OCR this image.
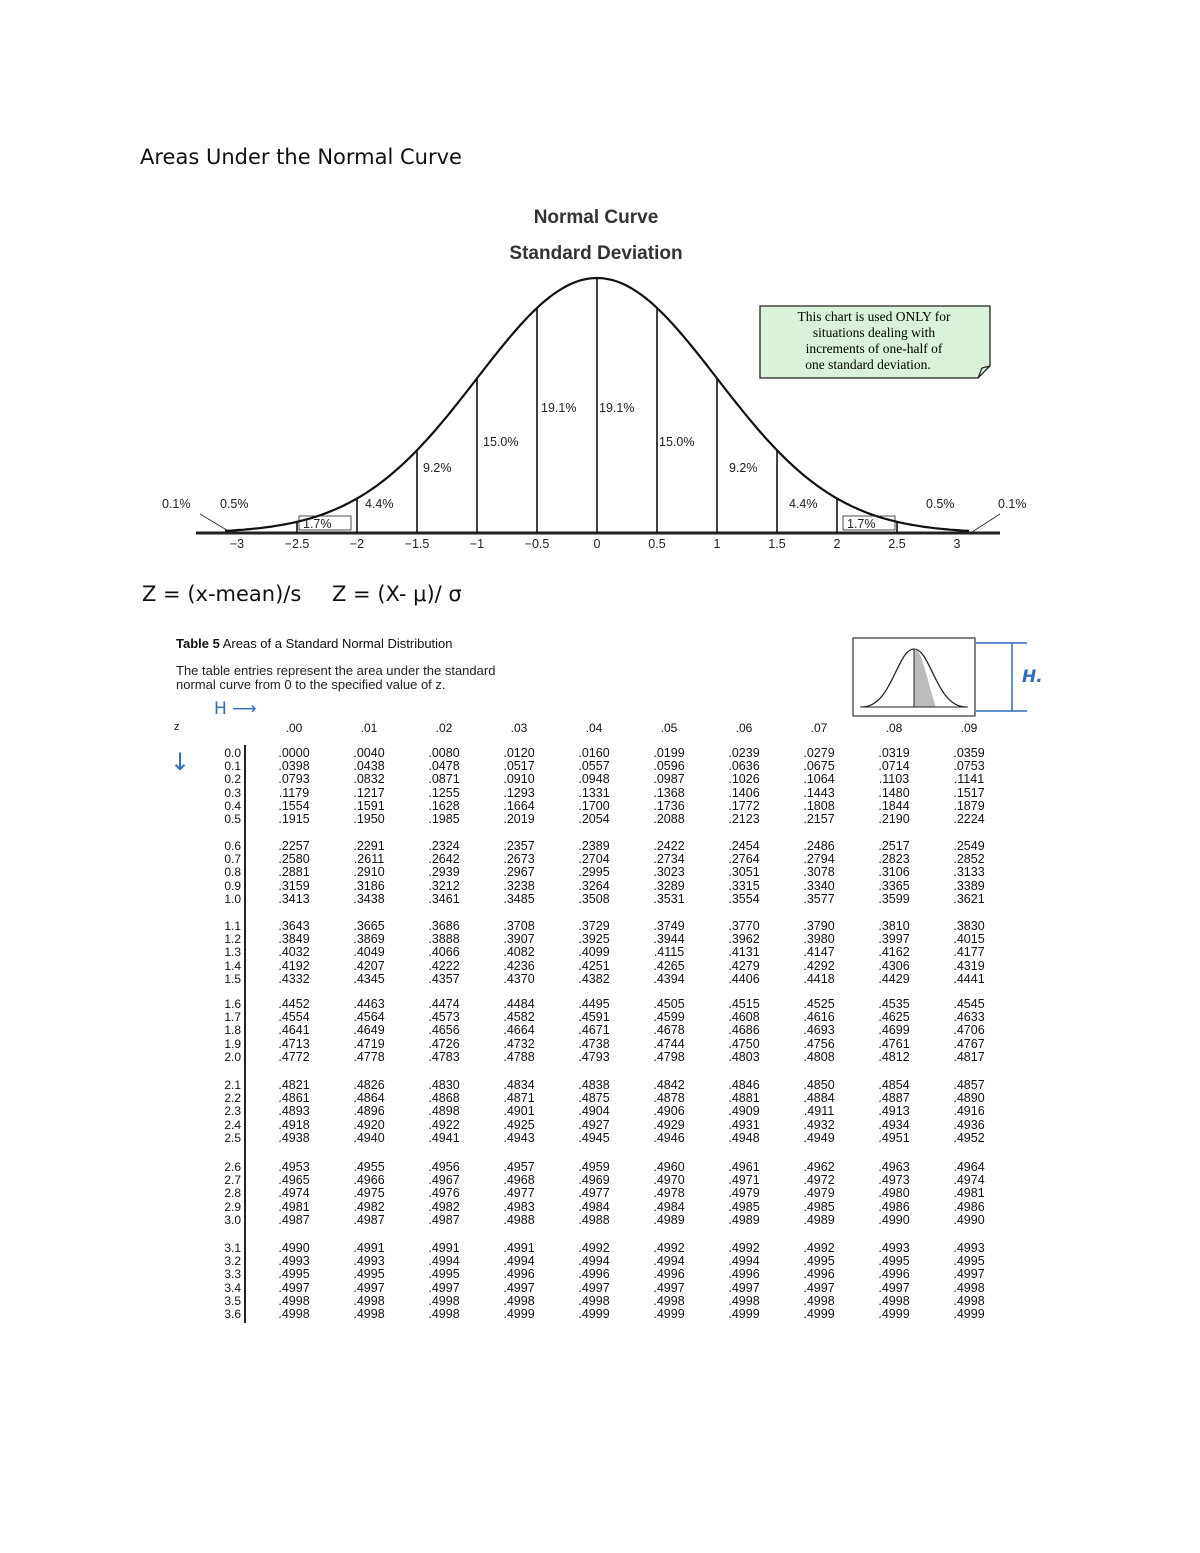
Areas Under the Normal Curve
Normal Curve
Standard Deviation
−3	−2.5	−2	−1.5	−1	−0.5	0	0.5	1	1.5	2	2.5	3
1.7%
4.4%
9.2%
15.0%
19.1% 19.1%
15.0%
9.2%
4.4%
1.7%
0.1% 0.5%	0.5%	0.1%
This chart is used ONLY for
situations dealing with
increments of one-half of
one standard deviation.
Z = (x-mean)/s Z = (X- μ)/ σ
Table 5 Areas of a Standard Normal Distribution
The table entries represent the area under the standard
normal curve from 0 to the specified value of z.
H ⟶
H.
↓
z	.00	.01	.02	.03	.04	.05	.06	.07	.08	.09
0.0	.0000	.0040	.0080	.0120	.0160	.0199	.0239	.0279	.0319	.0359
0.1	.0398	.0438	.0478	.0517	.0557	.0596	.0636	.0675	.0714	.0753
0.2	.0793	.0832	.0871	.0910	.0948	.0987	.1026	.1064	.1103	.1141
0.3	.1179	.1217	.1255	.1293	.1331	.1368	.1406	.1443	.1480	.1517
0.4	.1554	.1591	.1628	.1664	.1700	.1736	.1772	.1808	.1844	.1879
0.5	.1915	.1950	.1985	.2019	.2054	.2088	.2123	.2157	.2190	.2224
0.6	.2257	.2291	.2324	.2357	.2389	.2422	.2454	.2486	.2517	.2549
0.7	.2580	.2611	.2642	.2673	.2704	.2734	.2764	.2794	.2823	.2852
0.8	.2881	.2910	.2939	.2967	.2995	.3023	.3051	.3078	.3106	.3133
0.9	.3159	.3186	.3212	.3238	.3264	.3289	.3315	.3340	.3365	.3389
1.0	.3413	.3438	.3461	.3485	.3508	.3531	.3554	.3577	.3599	.3621
1.1	.3643	.3665	.3686	.3708	.3729	.3749	.3770	.3790	.3810	.3830
1.2	.3849	.3869	.3888	.3907	.3925	.3944	.3962	.3980	.3997	.4015
1.3	.4032	.4049	.4066	.4082	.4099	.4115	.4131	.4147	.4162	.4177
1.4	.4192	.4207	.4222	.4236	.4251	.4265	.4279	.4292	.4306	.4319
1.5	.4332	.4345	.4357	.4370	.4382	.4394	.4406	.4418	.4429	.4441
1.6	.4452	.4463	.4474	.4484	.4495	.4505	.4515	.4525	.4535	.4545
1.7	.4554	.4564	.4573	.4582	.4591	.4599	.4608	.4616	.4625	.4633
1.8	.4641	.4649	.4656	.4664	.4671	.4678	.4686	.4693	.4699	.4706
1.9	.4713	.4719	.4726	.4732	.4738	.4744	.4750	.4756	.4761	.4767
2.0	.4772	.4778	.4783	.4788	.4793	.4798	.4803	.4808	.4812	.4817
2.1	.4821	.4826	.4830	.4834	.4838	.4842	.4846	.4850	.4854	.4857
2.2	.4861	.4864	.4868	.4871	.4875	.4878	.4881	.4884	.4887	.4890
2.3	.4893	.4896	.4898	.4901	.4904	.4906	.4909	.4911	.4913	.4916
2.4	.4918	.4920	.4922	.4925	.4927	.4929	.4931	.4932	.4934	.4936
2.5	.4938	.4940	.4941	.4943	.4945	.4946	.4948	.4949	.4951	.4952
2.6	.4953	.4955	.4956	.4957	.4959	.4960	.4961	.4962	.4963	.4964
2.7	.4965	.4966	.4967	.4968	.4969	.4970	.4971	.4972	.4973	.4974
2.8	.4974	.4975	.4976	.4977	.4977	.4978	.4979	.4979	.4980	.4981
2.9	.4981	.4982	.4982	.4983	.4984	.4984	.4985	.4985	.4986	.4986
3.0	.4987	.4987	.4987	.4988	.4988	.4989	.4989	.4989	.4990	.4990
3.1	.4990	.4991	.4991	.4991	.4992	.4992	.4992	.4992	.4993	.4993
3.2	.4993	.4993	.4994	.4994	.4994	.4994	.4994	.4995	.4995	.4995
3.3	.4995	.4995	.4995	.4996	.4996	.4996	.4996	.4996	.4996	.4997
3.4	.4997	.4997	.4997	.4997	.4997	.4997	.4997	.4997	.4997	.4998
3.5	.4998	.4998	.4998	.4998	.4998	.4998	.4998	.4998	.4998	.4998
3.6	.4998	.4998	.4998	.4999	.4999	.4999	.4999	.4999	.4999	.4999
